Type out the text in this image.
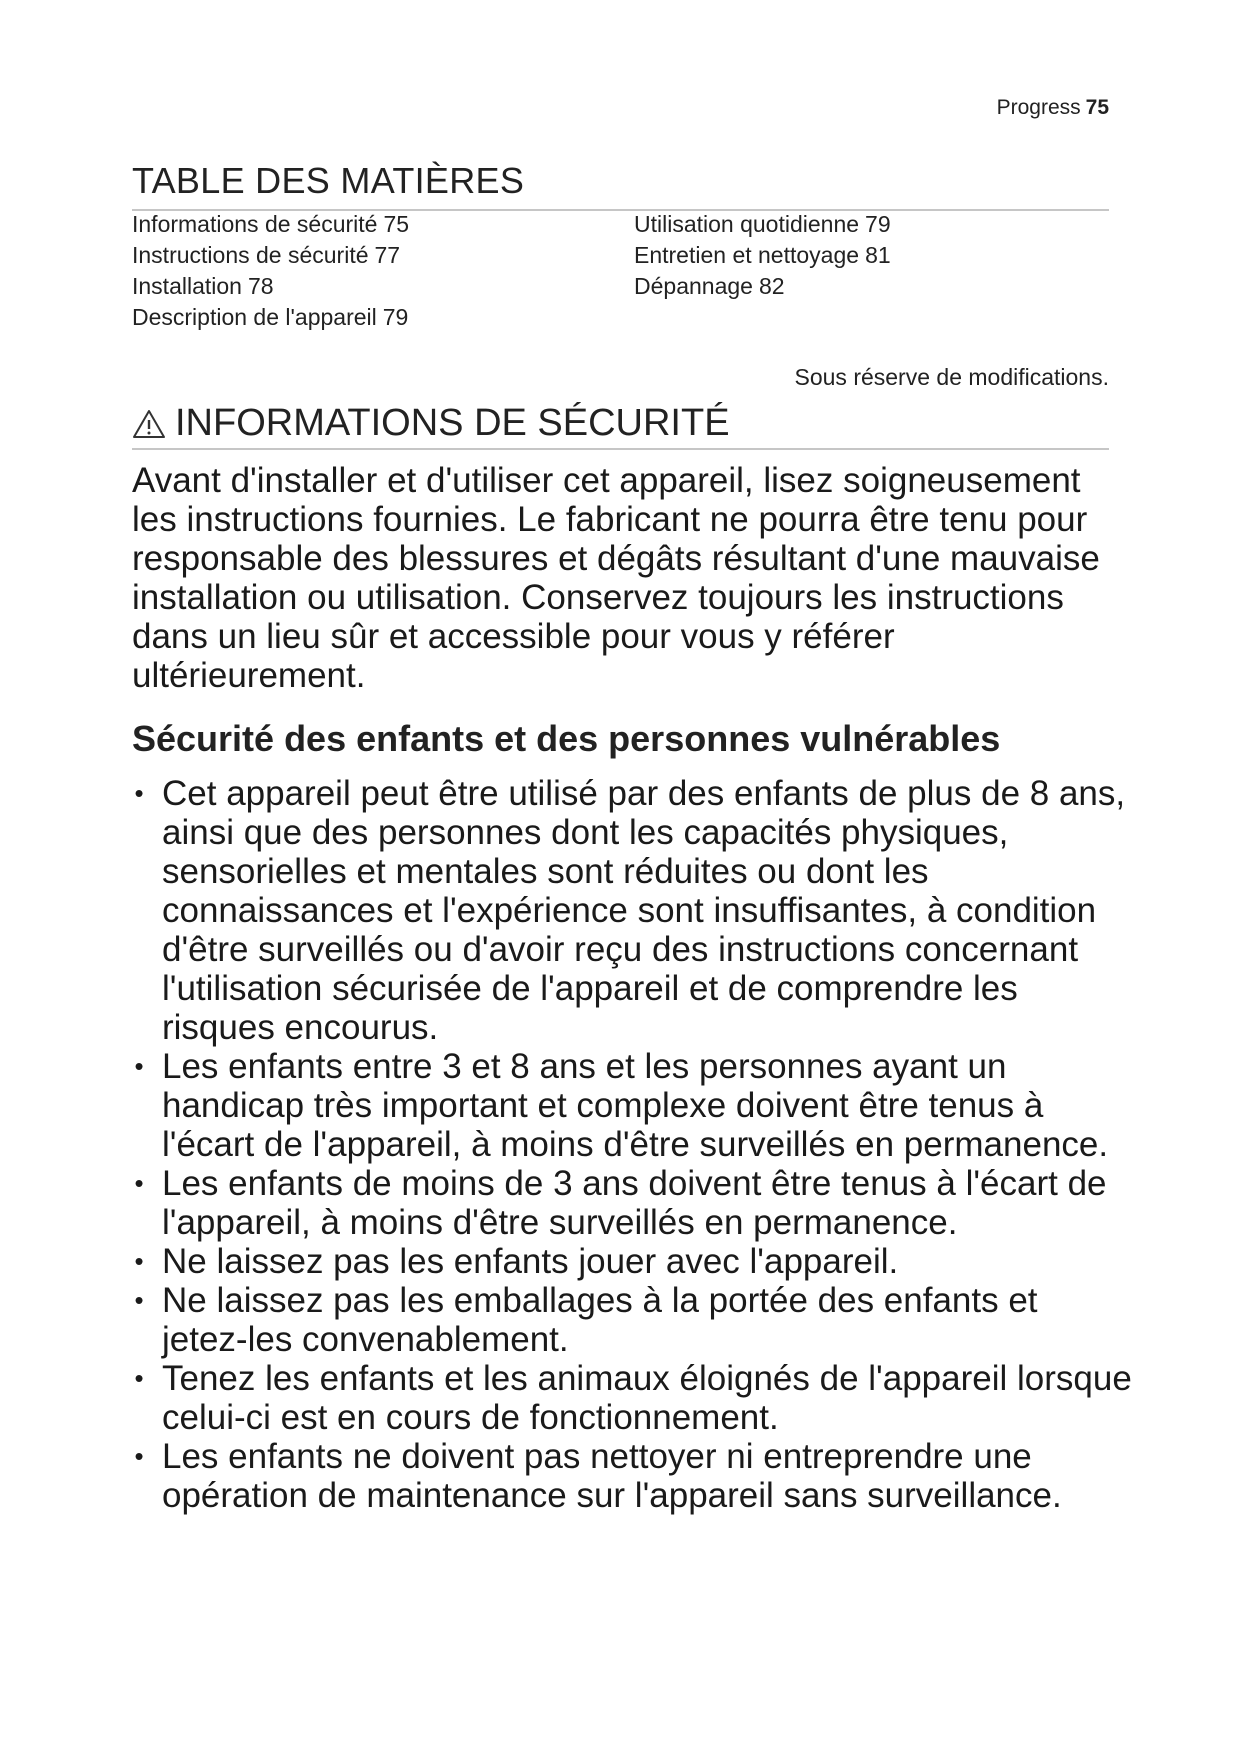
Progress 75
TABLE DES MATIÈRES
Informations de sécurité 75
Instructions de sécurité 77
Installation 78
Description de l'appareil 79
Utilisation quotidienne 79
Entretien et nettoyage 81
Dépannage 82
Sous réserve de modifications.
INFORMATIONS DE SÉCURITÉ

Avant d'installer et d'utiliser cet appareil, lisez soigneusement les instructions fournies. Le fabricant ne pourra être tenu pour responsable des blessures et dégâts résultant d'une mauvaise installation ou utilisation. Conservez toujours les instructions dans un lieu sûr et accessible pour vous y référer ultérieurement.

Sécurité des enfants et des personnes vulnérables
• Cet appareil peut être utilisé par des enfants de plus de 8 ans, ainsi que des personnes dont les capacités physiques, sensorielles et mentales sont réduites ou dont les connaissances et l'expérience sont insuffisantes, à condition d'être surveillés ou d'avoir reçu des instructions concernant l'utilisation sécurisée de l'appareil et de comprendre les risques encourus.
• Les enfants entre 3 et 8 ans et les personnes ayant un handicap très important et complexe doivent être tenus à l'écart de l'appareil, à moins d'être surveillés en permanence.
• Les enfants de moins de 3 ans doivent être tenus à l'écart de l'appareil, à moins d'être surveillés en permanence.
• Ne laissez pas les enfants jouer avec l'appareil.
• Ne laissez pas les emballages à la portée des enfants et jetez-les convenablement.
• Tenez les enfants et les animaux éloignés de l'appareil lorsque celui-ci est en cours de fonctionnement.
• Les enfants ne doivent pas nettoyer ni entreprendre une opération de maintenance sur l'appareil sans surveillance.
